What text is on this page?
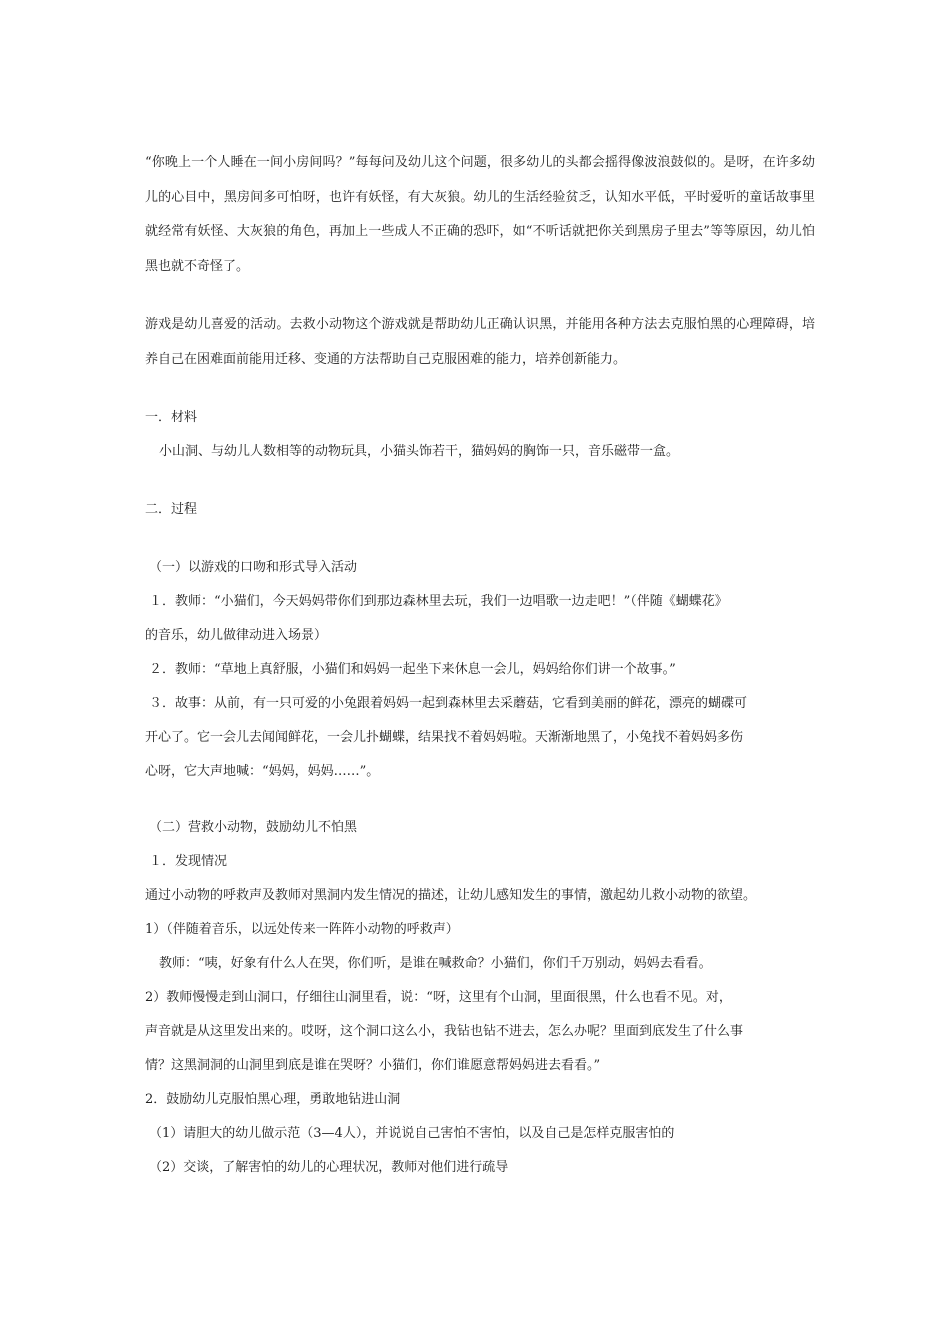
“你晚上一个人睡在一间小房间吗？”每每问及幼儿这个问题，很多幼儿的头都会摇得像波浪鼓似的。是呀，在许多幼儿的心目中，黑房间多可怕呀，也许有妖怪，有大灰狼。幼儿的生活经验贫乏，认知水平低，平时爱听的童话故事里就经常有妖怪、大灰狼的角色，再加上一些成人不正确的恐吓，如“不听话就把你关到黑房子里去”等等原因，幼儿怕黑也就不奇怪了。

游戏是幼儿喜爱的活动。去救小动物这个游戏就是帮助幼儿正确认识黑，并能用各种方法去克服怕黑的心理障碍，培养自己在困难面前能用迁移、变通的方法帮助自己克服困难的能力，培养创新能力。

一．材料

小山洞、与幼儿人数相等的动物玩具，小猫头饰若干，猫妈妈的胸饰一只，音乐磁带一盒。

二．过程

（一）以游戏的口吻和形式导入活动

１．教师：“小猫们，今天妈妈带你们到那边森林里去玩，我们一边唱歌一边走吧！”（伴随《蝴蝶花》

的音乐，幼儿做律动进入场景）

２．教师：“草地上真舒服，小猫们和妈妈一起坐下来休息一会儿，妈妈给你们讲一个故事。”

３．故事：从前，有一只可爱的小兔跟着妈妈一起到森林里去采蘑菇，它看到美丽的鲜花，漂亮的蝴碟可

开心了。它一会儿去闻闻鲜花，一会儿扑蝴蝶，结果找不着妈妈啦。天渐渐地黑了，小兔找不着妈妈多伤

心呀，它大声地喊：“妈妈，妈妈……”。

（二）营救小动物，鼓励幼儿不怕黑

１．发现情况

通过小动物的呼救声及教师对黑洞内发生情况的描述，让幼儿感知发生的事情，激起幼儿救小动物的欲望。

1）（伴随着音乐，以远处传来一阵阵小动物的呼救声）

教师：“咦，好象有什么人在哭，你们听，是谁在喊救命？小猫们，你们千万别动，妈妈去看看。

2）教师慢慢走到山洞口，仔细往山洞里看，说：“呀，这里有个山洞，里面很黑，什么也看不见。对，

声音就是从这里发出来的。哎呀，这个洞口这么小，我钻也钻不进去，怎么办呢？里面到底发生了什么事

情？这黑洞洞的山洞里到底是谁在哭呀？小猫们，你们谁愿意帮妈妈进去看看。”

2．鼓励幼儿克服怕黑心理，勇敢地钻进山洞

（1）请胆大的幼儿做示范（3—4人），并说说自己害怕不害怕，以及自己是怎样克服害怕的

（2）交谈，了解害怕的幼儿的心理状况，教师对他们进行疏导
